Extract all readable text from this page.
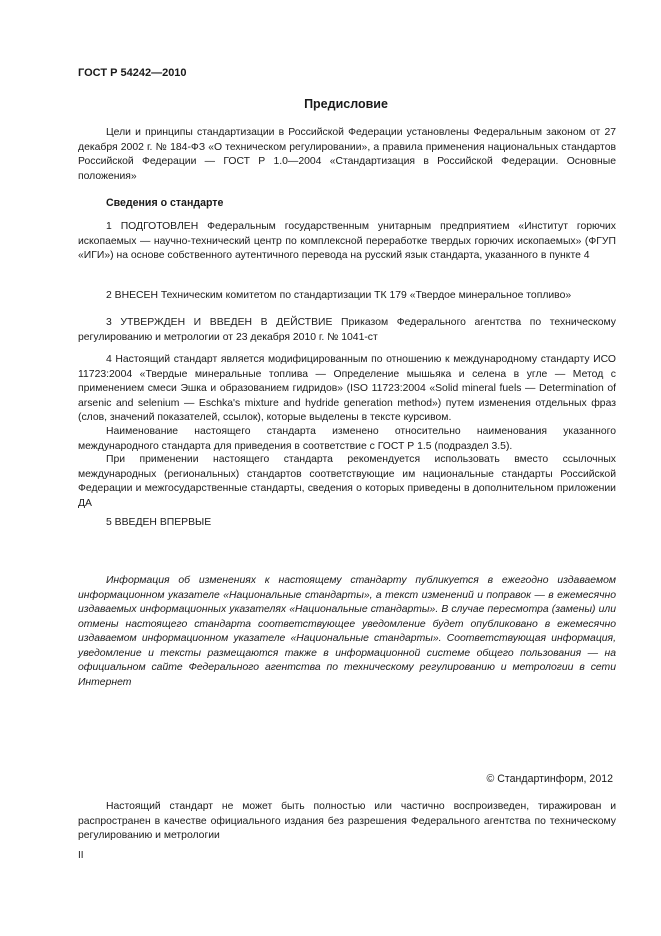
ГОСТ Р 54242—2010
Предисловие
Цели и принципы стандартизации в Российской Федерации установлены Федеральным законом от 27 декабря 2002 г. № 184-ФЗ «О техническом регулировании», а правила применения национальных стандартов Российской Федерации — ГОСТ Р 1.0—2004 «Стандартизация в Российской Федерации. Основные положения»
Сведения о стандарте
1 ПОДГОТОВЛЕН Федеральным государственным унитарным предприятием «Институт горючих ископаемых — научно-технический центр по комплексной переработке твердых горючих ископаемых» (ФГУП «ИГИ») на основе собственного аутентичного перевода на русский язык стандарта, указанного в пункте 4
2 ВНЕСЕН Техническим комитетом по стандартизации ТК 179 «Твердое минеральное топливо»
3 УТВЕРЖДЕН И ВВЕДЕН В ДЕЙСТВИЕ Приказом Федерального агентства по техническому регулированию и метрологии от 23 декабря 2010 г. № 1041-ст
4 Настоящий стандарт является модифицированным по отношению к международному стандарту ИСО 11723:2004 «Твердые минеральные топлива — Определение мышьяка и селена в угле — Метод с применением смеси Эшка и образованием гидридов» (ISO 11723:2004 «Solid mineral fuels — Determination of arsenic and selenium — Eschka's mixture and hydride generation method») путем изменения отдельных фраз (слов, значений показателей, ссылок), которые выделены в тексте курсивом.
Наименование настоящего стандарта изменено относительно наименования указанного международного стандарта для приведения в соответствие с ГОСТ Р 1.5 (подраздел 3.5).
При применении настоящего стандарта рекомендуется использовать вместо ссылочных международных (региональных) стандартов соответствующие им национальные стандарты Российской Федерации и межгосударственные стандарты, сведения о которых приведены в дополнительном приложении ДА
5 ВВЕДЕН ВПЕРВЫЕ
Информация об изменениях к настоящему стандарту публикуется в ежегодно издаваемом информационном указателе «Национальные стандарты», а текст изменений и поправок — в ежемесячно издаваемых информационных указателях «Национальные стандарты». В случае пересмотра (замены) или отмены настоящего стандарта соответствующее уведомление будет опубликовано в ежемесячно издаваемом информационном указателе «Национальные стандарты». Соответствующая информация, уведомление и тексты размещаются также в информационной системе общего пользования — на официальном сайте Федерального агентства по техническому регулированию и метрологии в сети Интернет
© Стандартинформ, 2012
Настоящий стандарт не может быть полностью или частично воспроизведен, тиражирован и распространен в качестве официального издания без разрешения Федерального агентства по техническому регулированию и метрологии
II
